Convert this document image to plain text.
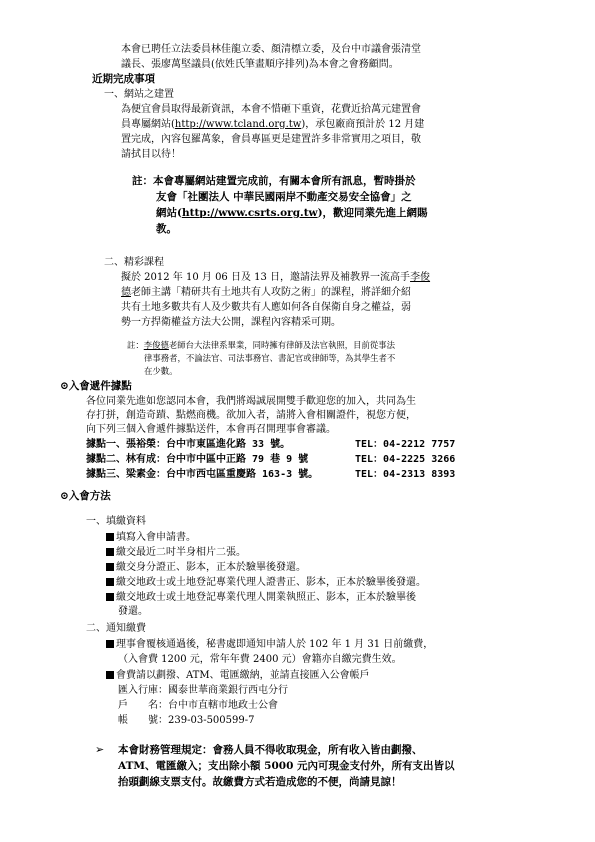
本會已聘任立法委員林佳龍立委、顏清標立委，及台中市議會張清堂
議長、張廖萬堅議員(依姓氏筆畫順序排列)為本會之會務顧問。
近期完成事項
一、網站之建置
為便宜會員取得最新資訊，本會不惜砸下重資，花費近拾萬元建置會
員專屬網站(http://www.tcland.org.tw)，承包廠商預計於 12 月建
置完成，內容包羅萬象，會員專區更是建置許多非常實用之項目，敬
請拭目以待！
註：本會專屬網站建置完成前，有關本會所有訊息，暫時掛於
友會「社團法人 中華民國兩岸不動產交易安全協會」之
網站(http://www.csrts.org.tw)，歡迎同業先進上網賜
教。
二、精彩課程
擬於 2012 年 10 月 06 日及 13 日，邀請法界及補教界一流高手李俊
德老師主講「精研共有土地共有人攻防之術」的課程，將詳細介紹
共有土地多數共有人及少數共有人應如何各自保衛自身之權益，弱
勢一方捍衛權益方法大公開，課程內容精采可期。
註：李俊德老師台大法律系畢業，同時擁有律師及法官執照，目前從事法
律事務者，不論法官、司法事務官、書記官或律師等，為其學生者不
在少數。
⊙入會遞件據點
各位同業先進如您認同本會，我們將竭誠展開雙手歡迎您的加入，共同為生
存打拼，創造奇蹟、點燃商機。欲加入者，請將入會相關證件，視您方便，
向下列三個入會遞件據點送件，本會再召開理事會審議。
據點一、張裕榮：台中市東區進化路 33 號。	TEL：04-2212 7757
據點二、林有成：台中市中區中正路 79 巷 9 號	TEL：04-2225 3266
據點三、梁素金：台中市西屯區重慶路 163-3 號。	TEL：04-2313 8393
⊙入會方法
一、填繳資料
填寫入會申請書。
繳交最近二吋半身相片二張。
繳交身分證正、影本，正本於驗畢後發還。
繳交地政士或土地登記專業代理人證書正、影本，正本於驗畢後發還。
繳交地政士或土地登記專業代理人開業執照正、影本，正本於驗畢後
發還。
二、通知繳費
理事會覆核通過後，秘書處即通知申請人於 102 年 1 月 31 日前繳費，
（入會費 1200 元，常年年費 2400 元）會籍亦自繳完費生效。
會費請以劃撥、ATM、電匯繳納，並請直接匯入公會帳戶
匯入行庫：國泰世華商業銀行西屯分行
戶　　名：台中市直轄市地政士公會
帳　　號：239-03-500599-7
➢ 本會財務管理規定：會務人員不得收取現金，所有收入皆由劃撥、
ATM、電匯繳入；支出除小額 5000 元內可現金支付外，所有支出皆以
抬頭劃線支票支付。故繳費方式若造成您的不便，尚請見諒！
